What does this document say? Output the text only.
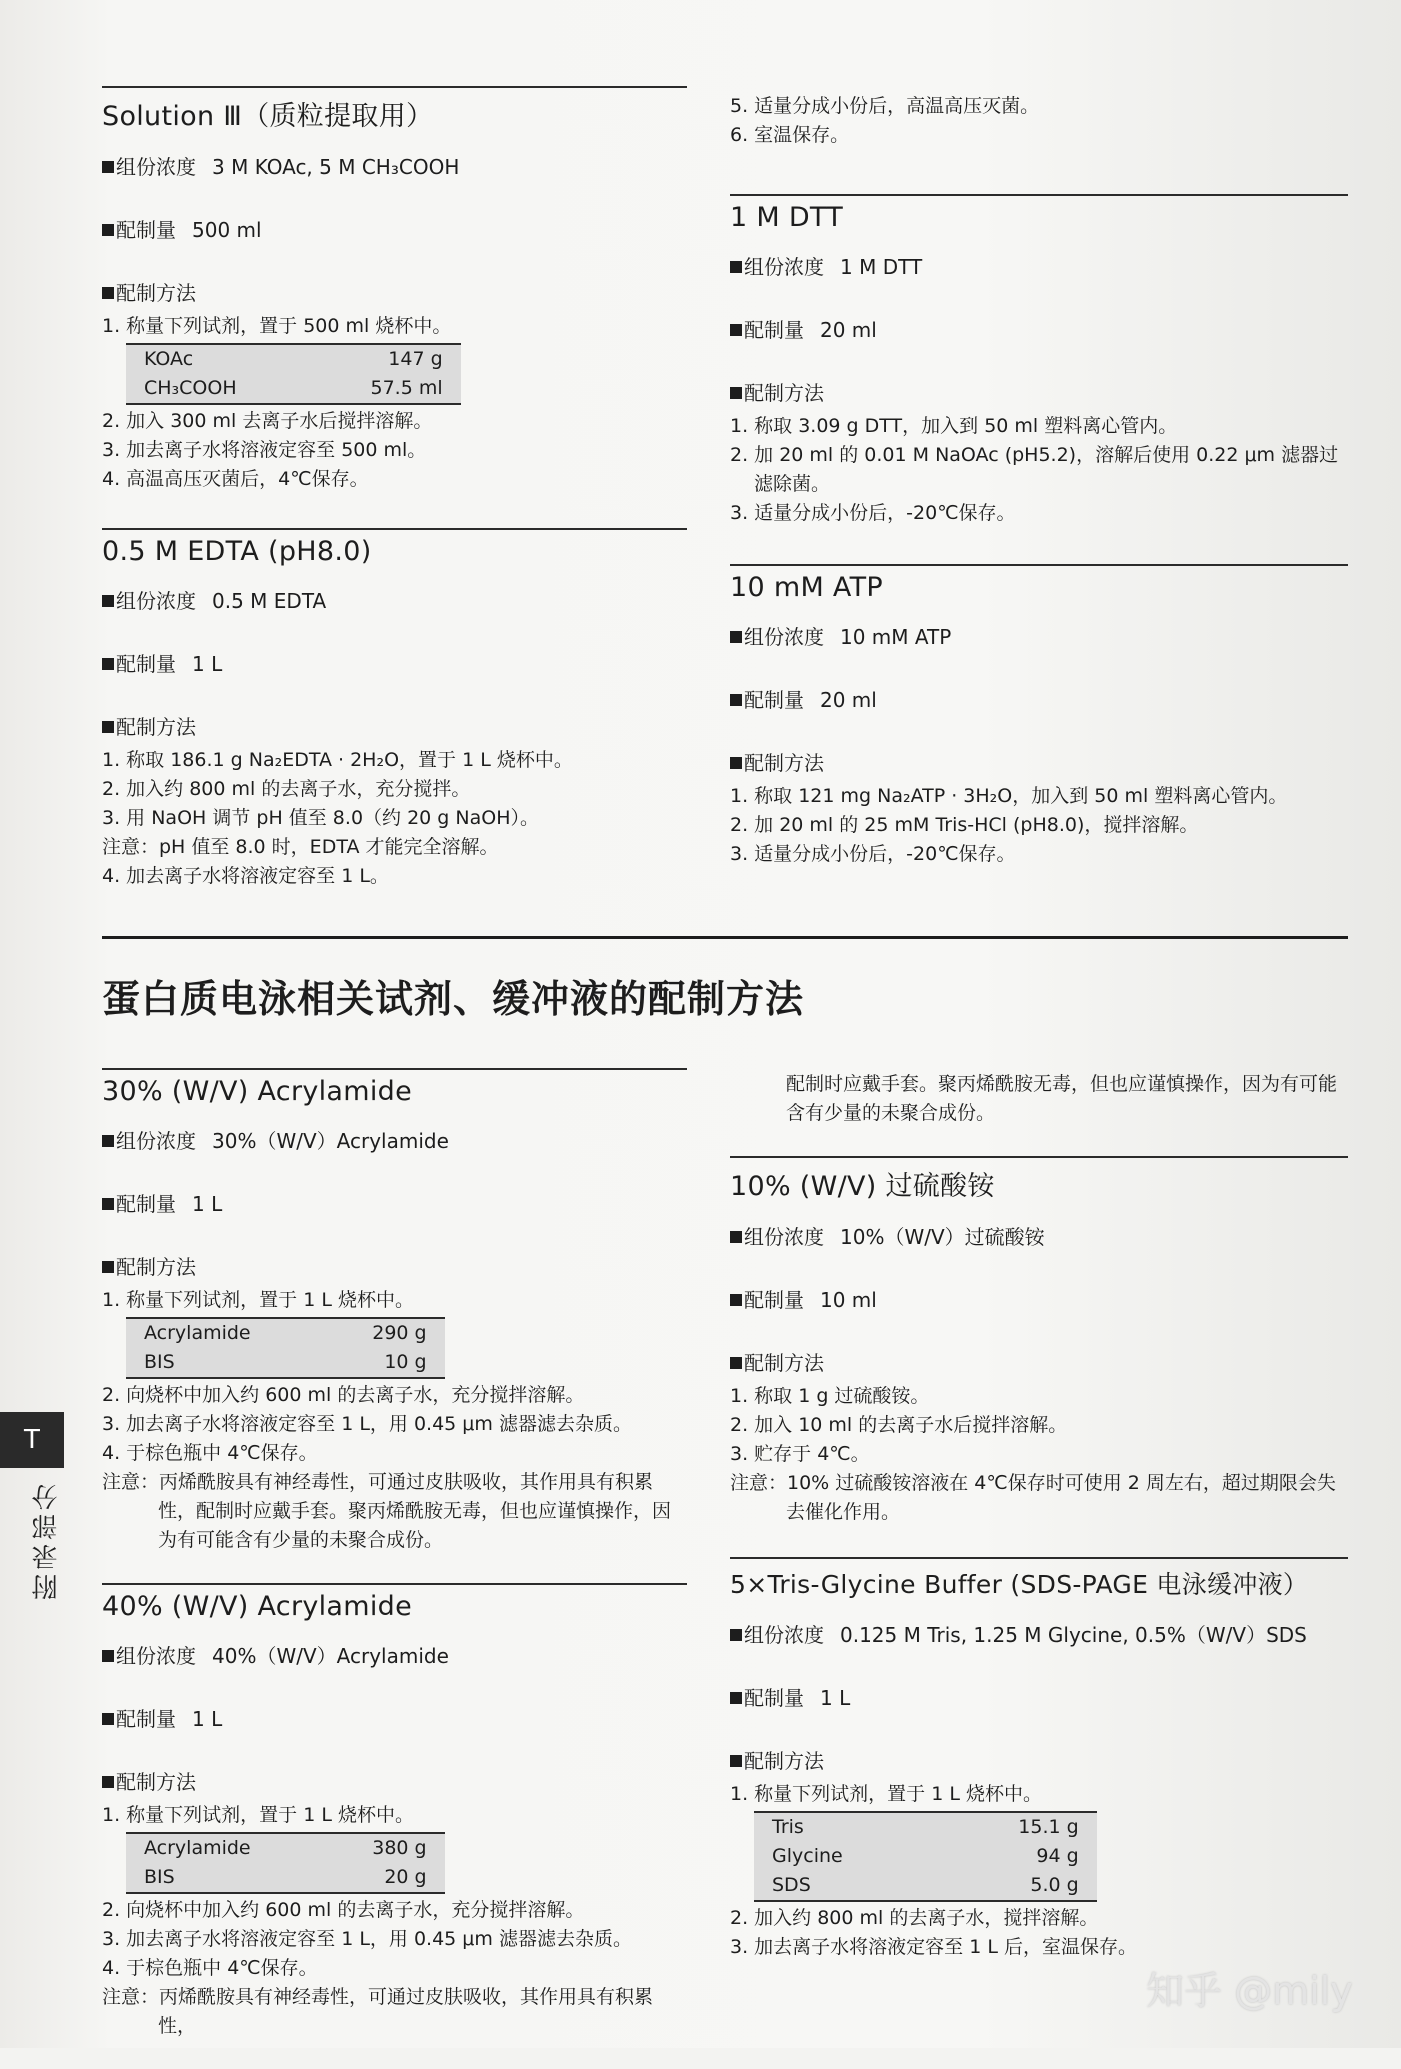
Solution Ⅲ（质粒提取用）
组份浓度 3 M KOAc, 5 M CH₃COOH
配制量 500 ml
配制方法
1. 称量下列试剂，置于 500 ml 烧杯中。
KOAc	147 g
CH₃COOH	57.5 ml
2. 加入 300 ml 去离子水后搅拌溶解。
3. 加去离子水将溶液定容至 500 ml。
4. 高温高压灭菌后，4℃保存。
0.5 M EDTA (pH8.0)
组份浓度 0.5 M EDTA
配制量 1 L
配制方法
1. 称取 186.1 g Na₂EDTA · 2H₂O，置于 1 L 烧杯中。
2. 加入约 800 ml 的去离子水，充分搅拌。
3. 用 NaOH 调节 pH 值至 8.0（约 20 g NaOH）。
注意：pH 值至 8.0 时，EDTA 才能完全溶解。
4. 加去离子水将溶液定容至 1 L。
5. 适量分成小份后，高温高压灭菌。
6. 室温保存。
1 M DTT
组份浓度 1 M DTT
配制量 20 ml
配制方法
1. 称取 3.09 g DTT，加入到 50 ml 塑料离心管内。
2. 加 20 ml 的 0.01 M NaOAc (pH5.2)，溶解后使用 0.22 μm 滤器过滤除菌。
3. 适量分成小份后，-20℃保存。
10 mM ATP
组份浓度 10 mM ATP
配制量 20 ml
配制方法
1. 称取 121 mg Na₂ATP · 3H₂O，加入到 50 ml 塑料离心管内。
2. 加 20 ml 的 25 mM Tris-HCl (pH8.0)，搅拌溶解。
3. 适量分成小份后，-20℃保存。
蛋白质电泳相关试剂、缓冲液的配制方法
30% (W/V) Acrylamide
组份浓度 30%（W/V）Acrylamide
配制量 1 L
配制方法
1. 称量下列试剂，置于 1 L 烧杯中。
Acrylamide	290 g
BIS	10 g
2. 向烧杯中加入约 600 ml 的去离子水，充分搅拌溶解。
3. 加去离子水将溶液定容至 1 L，用 0.45 μm 滤器滤去杂质。
4. 于棕色瓶中 4℃保存。
注意：丙烯酰胺具有神经毒性，可通过皮肤吸收，其作用具有积累性，配制时应戴手套。聚丙烯酰胺无毒，但也应谨慎操作，因为有可能含有少量的未聚合成份。
40% (W/V) Acrylamide
组份浓度 40%（W/V）Acrylamide
配制量 1 L
配制方法
1. 称量下列试剂，置于 1 L 烧杯中。
Acrylamide	380 g
BIS	20 g
2. 向烧杯中加入约 600 ml 的去离子水，充分搅拌溶解。
3. 加去离子水将溶液定容至 1 L，用 0.45 μm 滤器滤去杂质。
4. 于棕色瓶中 4℃保存。
注意：丙烯酰胺具有神经毒性，可通过皮肤吸收，其作用具有积累性，
配制时应戴手套。聚丙烯酰胺无毒，但也应谨慎操作，因为有可能含有少量的未聚合成份。
10% (W/V) 过硫酸铵
组份浓度 10%（W/V）过硫酸铵
配制量 10 ml
配制方法
1. 称取 1 g 过硫酸铵。
2. 加入 10 ml 的去离子水后搅拌溶解。
3. 贮存于 4℃。
注意：10% 过硫酸铵溶液在 4℃保存时可使用 2 周左右，超过期限会失去催化作用。
5×Tris-Glycine Buffer (SDS-PAGE 电泳缓冲液）
组份浓度 0.125 M Tris, 1.25 M Glycine, 0.5%（W/V）SDS
配制量 1 L
配制方法
1. 称量下列试剂，置于 1 L 烧杯中。
Tris	15.1 g
Glycine	94 g
SDS	5.0 g
2. 加入约 800 ml 的去离子水，搅拌溶解。
3. 加去离子水将溶液定容至 1 L 后，室温保存。
T
附录部分
知乎 @mily
